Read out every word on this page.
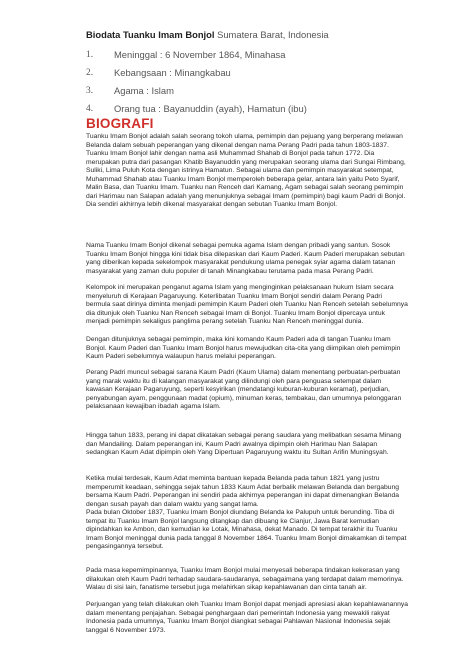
Biodata Tuanku Imam Bonjol Sumatera Barat, Indonesia
1.	Meninggal : 6 November 1864, Minahasa
2.	Kebangsaan : Minangkabau
3.	Agama : Islam
4.	Orang tua : Bayanuddin (ayah), Hamatun (ibu)
BIOGRAFI

Tuanku Imam Bonjol adalah salah seorang tokoh ulama, pemimpin dan pejuang yang berperang melawan Belanda dalam sebuah peperangan yang dikenal dengan nama Perang Padri pada tahun 1803-1837. Tuanku Imam Bonjol lahir dengan nama asli Muhammad Shahab di Bonjol pada tahun 1772. Dia merupakan putra dari pasangan Khatib Bayanuddin yang merupakan seorang ulama dari Sungai Rimbang, Suliki, Lima Puluh Kota dengan istrinya Hamatun. Sebagai ulama dan pemimpin masyarakat setempat, Muhammad Shahab atau Tuanku Imam Bonjol memperoleh beberapa gelar, antara lain yaitu Peto Syarif, Malin Basa, dan Tuanku Imam. Tuanku nan Renceh dari Kamang, Agam sebagai salah seorang pemimpin dari Harimau nan Salapan adalah yang menunjuknya sebagai Imam (pemimpin) bagi kaum Padri di Bonjol. Dia sendiri akhirnya lebih dikenal masyarakat dengan sebutan Tuanku Imam Bonjol.

Nama Tuanku Imam Bonjol dikenal sebagai pemuka agama Islam dengan pribadi yang santun. Sosok Tuanku Imam Bonjol hingga kini tidak bisa dilepaskan dari Kaum Paderi. Kaum Paderi merupakan sebutan yang diberikan kepada sekelompok masyarakat pendukung ulama penegak syiar agama dalam tatanan masyarakat yang zaman dulu populer di tanah Minangkabau terutama pada masa Perang Padri.

Kelompok ini merupakan penganut agama Islam yang menginginkan pelaksanaan hukum Islam secara menyeluruh di Kerajaan Pagaruyung. Keterlibatan Tuanku Imam Bonjol sendiri dalam Perang Padri bermula saat dirinya diminta menjadi pemimpin Kaum Paderi oleh Tuanku Nan Renceh setelah sebelumnya dia ditunjuk oleh Tuanku Nan Renceh sebagai Imam di Bonjol. Tuanku Imam Bonjol dipercaya untuk menjadi pemimpin sekaligus panglima perang setelah Tuanku Nan Renceh meninggal dunia.

Dengan ditunjuknya sebagai pemimpin, maka kini komando Kaum Paderi ada di tangan Tuanku Imam Bonjol. Kaum Paderi dan Tuanku Imam Bonjol harus mewujudkan cita-cita yang diimpikan oleh pemimpin Kaum Paderi sebelumnya walaupun harus melalui peperangan.

Perang Padri muncul sebagai sarana Kaum Padri (Kaum Ulama) dalam menentang perbuatan-perbuatan yang marak waktu itu di kalangan masyarakat yang dilindungi oleh para penguasa setempat dalam kawasan Kerajaan Pagaruyung, seperti kesyirikan (mendatangi kuburan-kuburan keramat), perjudian, penyabungan ayam, penggunaan madat (opium), minuman keras, tembakau, dan umumnya pelonggaran pelaksanaan kewajiban ibadah agama Islam.

Hingga tahun 1833, perang ini dapat dikatakan sebagai perang saudara yang melibatkan sesama Minang dan Mandailing. Dalam peperangan ini, Kaum Padri awalnya dipimpin oleh Harimau Nan Salapan sedangkan Kaum Adat dipimpin oleh Yang Dipertuan Pagaruyung waktu itu Sultan Arifin Muningsyah.

Ketika mulai terdesak, Kaum Adat meminta bantuan kepada Belanda pada tahun 1821 yang justru memperumit keadaan, sehingga sejak tahun 1833 Kaum Adat berbalik melawan Belanda dan bergabung bersama Kaum Padri. Peperangan ini sendiri pada akhirnya peperangan ini dapat dimenangkan Belanda dengan susah payah dan dalam waktu yang sangat lama.

Pada bulan Oktober 1837, Tuanku Imam Bonjol diundang Belanda ke Palupuh untuk berunding. Tiba di tempat itu Tuanku Imam Bonjol langsung ditangkap dan dibuang ke Cianjur, Jawa Barat kemudian dipindahkan ke Ambon, dan kemudian ke Lotak, Minahasa, dekat Manado. Di tempat terakhir itu Tuanku Imam Bonjol meninggal dunia pada tanggal 8 November 1864. Tuanku Imam Bonjol dimakamkan di tempat pengasingannya tersebut.

Pada masa kepemimpinannya, Tuanku Imam Bonjol mulai menyesali beberapa tindakan kekerasan yang dilakukan oleh Kaum Padri terhadap saudara-saudaranya, sebagaimana yang terdapat dalam memorinya. Walau di sisi lain, fanatisme tersebut juga melahirkan sikap kepahlawanan dan cinta tanah air.

Perjuangan yang telah dilakukan oleh Tuanku Imam Bonjol dapat menjadi apresiasi akan kepahlawanannya dalam menentang penjajahan. Sebagai penghargaan dari pemerintah Indonesia yang mewakili rakyat Indonesia pada umumnya, Tuanku Imam Bonjol diangkat sebagai Pahlawan Nasional Indonesia sejak tanggal 6 November 1973.
